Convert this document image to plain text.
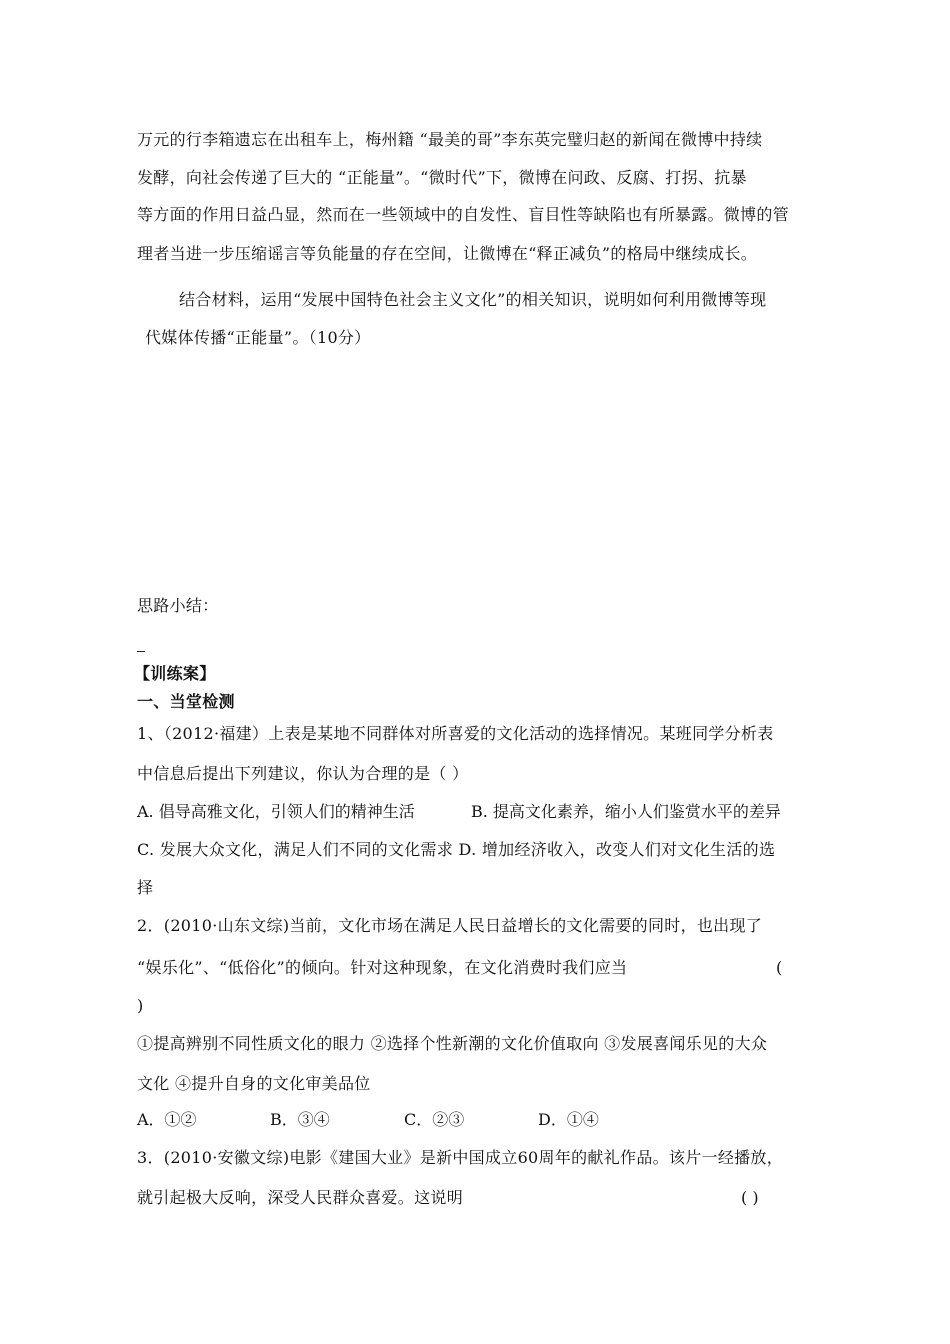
万元的行李箱遗忘在出租车上，梅州籍 “最美的哥”李东英完璧归赵的新闻在微博中持续
发酵，向社会传递了巨大的 “正能量”。“微时代”下，微博在问政、反腐、打拐、抗暴
等方面的作用日益凸显，然而在一些领域中的自发性、盲目性等缺陷也有所暴露。微博的管
理者当进一步压缩谣言等负能量的存在空间，让微博在“释正减负”的格局中继续成长。
结合材料，运用“发展中国特色社会主义文化”的相关知识，说明如何利用微博等现
代媒体传播“正能量”。（10分）
思路小结：
【训练案】
一、当堂检测
1、（2012·福建）上表是某地不同群体对所喜爱的文化活动的选择情况。某班同学分析表
中信息后提出下列建议，你认为合理的是（ ）
A. 倡导高雅文化，引领人们的精神生活	B. 提高文化素养，缩小人们鉴赏水平的差异
C. 发展大众文化，满足人们不同的文化需求 D. 增加经济收入，改变人们对文化生活的选
择
2．(2010·山东文综)当前，文化市场在满足人民日益增长的文化需要的同时，也出现了
“娱乐化”、“低俗化”的倾向。针对这种现象，在文化消费时我们应当	(
)
①提高辨别不同性质文化的眼力 ②选择个性新潮的文化价值取向 ③发展喜闻乐见的大众
文化 ④提升自身的文化审美品位
A．①②	B．③④	C．②③	D．①④
3．(2010·安徽文综)电影《建国大业》是新中国成立60周年的献礼作品。该片一经播放，
就引起极大反响，深受人民群众喜爱。这说明	( )
